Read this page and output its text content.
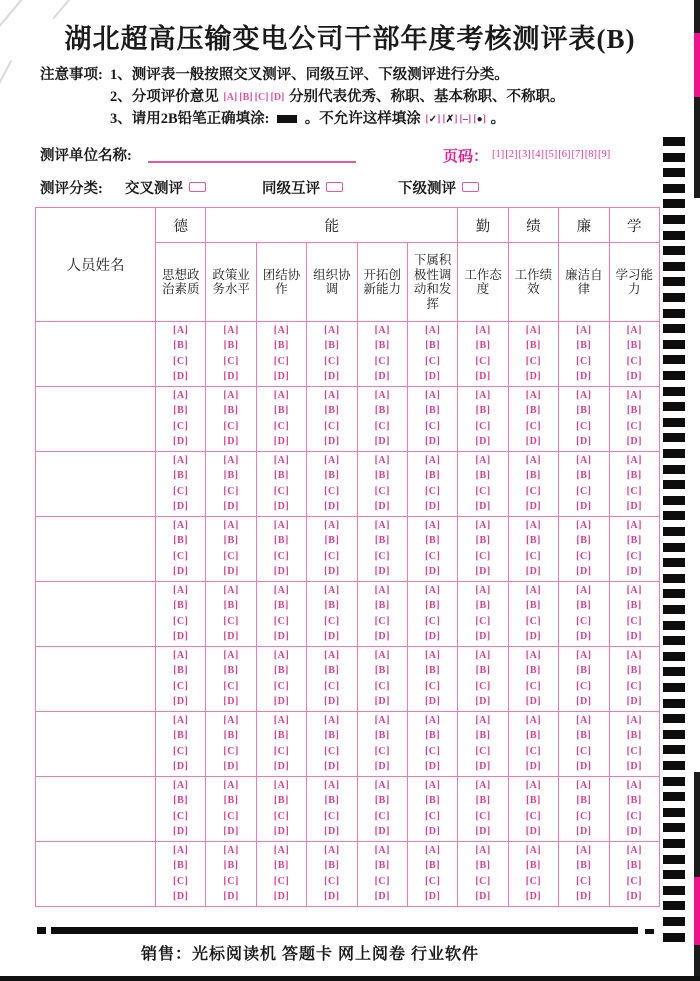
湖北超高压输变电公司干部年度考核测评表(B)
注意事项: 1、测评表一般按照交叉测评、同级互评、下级测评进行分类。
2、分项评价意见 [A] [B] [C] [D] 分别代表优秀、称职、基本称职、不称职。
3、请用2B铅笔正确填涂: 。不允许这样填涂 [✓] [✗] [–] [●] 。
测评单位名称:	页码： [1][2][3][4][5][6][7][8][9]
测评分类: 交叉测评	同级互评	下级测评
人员姓名	德	能					勤	绩	廉	学
	思想政治素质	政策业务水平	团结协作	组织协调	开拓创新能力	下属积极性调动和发挥	工作态度	工作绩效	廉洁自律	学习能力

	[A]
[B]
[C]
[D]	[A]
[B]
[C]
[D]	[A]
[B]
[C]
[D]	[A]
[B]
[C]
[D]	[A]
[B]
[C]
[D]	[A]
[B]
[C]
[D]	[A]
[B]
[C]
[D]	[A]
[B]
[C]
[D]	[A]
[B]
[C]
[D]	[A]
[B]
[C]
[D]

	[A]
[B]
[C]
[D]	[A]
[B]
[C]
[D]	[A]
[B]
[C]
[D]	[A]
[B]
[C]
[D]	[A]
[B]
[C]
[D]	[A]
[B]
[C]
[D]	[A]
[B]
[C]
[D]	[A]
[B]
[C]
[D]	[A]
[B]
[C]
[D]	[A]
[B]
[C]
[D]

	[A]
[B]
[C]
[D]	[A]
[B]
[C]
[D]	[A]
[B]
[C]
[D]	[A]
[B]
[C]
[D]	[A]
[B]
[C]
[D]	[A]
[B]
[C]
[D]	[A]
[B]
[C]
[D]	[A]
[B]
[C]
[D]	[A]
[B]
[C]
[D]	[A]
[B]
[C]
[D]

	[A]
[B]
[C]
[D]	[A]
[B]
[C]
[D]	[A]
[B]
[C]
[D]	[A]
[B]
[C]
[D]	[A]
[B]
[C]
[D]	[A]
[B]
[C]
[D]	[A]
[B]
[C]
[D]	[A]
[B]
[C]
[D]	[A]
[B]
[C]
[D]	[A]
[B]
[C]
[D]

	[A]
[B]
[C]
[D]	[A]
[B]
[C]
[D]	[A]
[B]
[C]
[D]	[A]
[B]
[C]
[D]	[A]
[B]
[C]
[D]	[A]
[B]
[C]
[D]	[A]
[B]
[C]
[D]	[A]
[B]
[C]
[D]	[A]
[B]
[C]
[D]	[A]
[B]
[C]
[D]

	[A]
[B]
[C]
[D]	[A]
[B]
[C]
[D]	[A]
[B]
[C]
[D]	[A]
[B]
[C]
[D]	[A]
[B]
[C]
[D]	[A]
[B]
[C]
[D]	[A]
[B]
[C]
[D]	[A]
[B]
[C]
[D]	[A]
[B]
[C]
[D]	[A]
[B]
[C]
[D]

	[A]
[B]
[C]
[D]	[A]
[B]
[C]
[D]	[A]
[B]
[C]
[D]	[A]
[B]
[C]
[D]	[A]
[B]
[C]
[D]	[A]
[B]
[C]
[D]	[A]
[B]
[C]
[D]	[A]
[B]
[C]
[D]	[A]
[B]
[C]
[D]	[A]
[B]
[C]
[D]

	[A]
[B]
[C]
[D]	[A]
[B]
[C]
[D]	[A]
[B]
[C]
[D]	[A]
[B]
[C]
[D]	[A]
[B]
[C]
[D]	[A]
[B]
[C]
[D]	[A]
[B]
[C]
[D]	[A]
[B]
[C]
[D]	[A]
[B]
[C]
[D]	[A]
[B]
[C]
[D]

	[A]
[B]
[C]
[D]	[A]
[B]
[C]
[D]	[A]
[B]
[C]
[D]	[A]
[B]
[C]
[D]	[A]
[B]
[C]
[D]	[A]
[B]
[C]
[D]	[A]
[B]
[C]
[D]	[A]
[B]
[C]
[D]	[A]
[B]
[C]
[D]	[A]
[B]
[C]
[D]
销售：光标阅读机 答题卡 网上阅卷 行业软件
